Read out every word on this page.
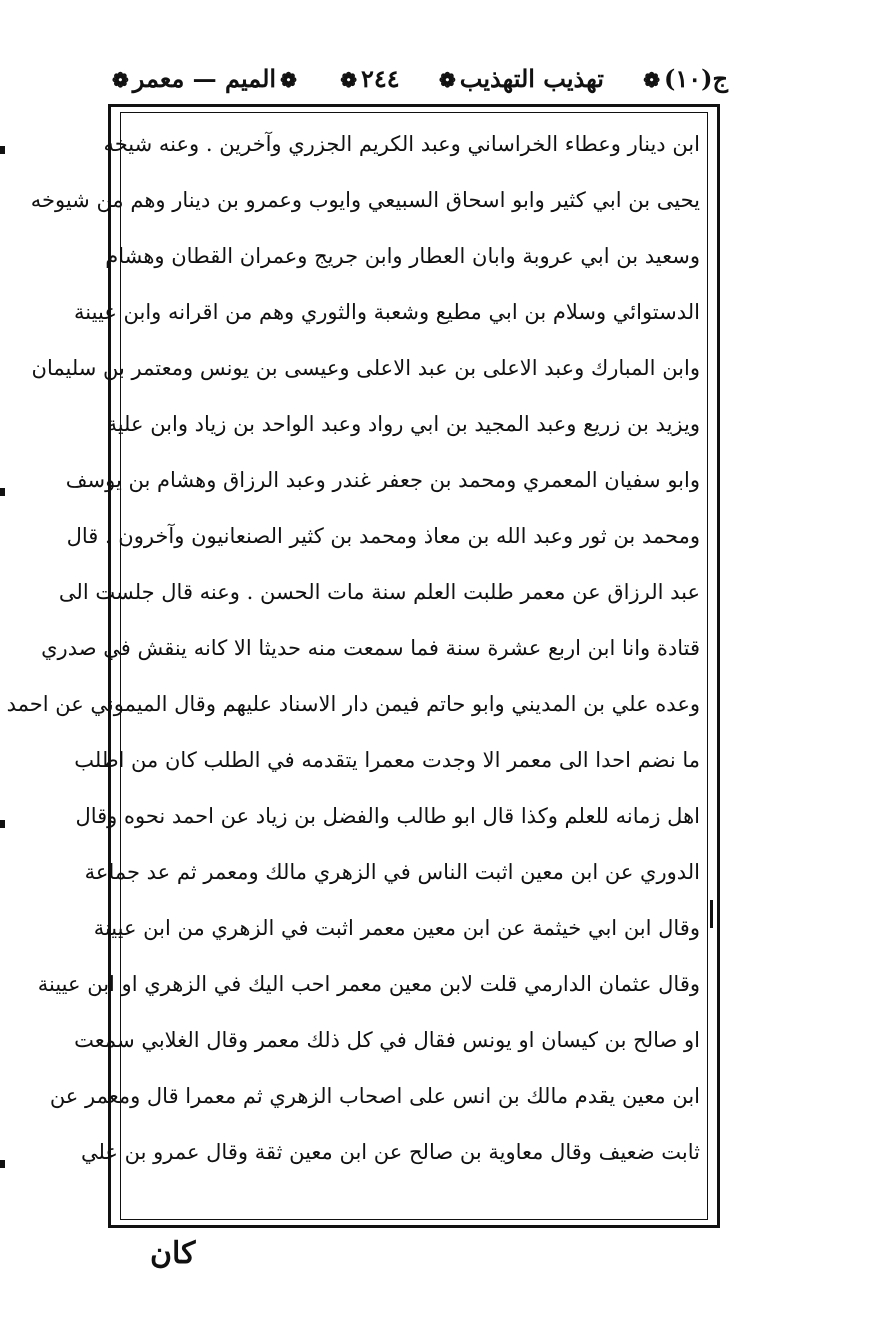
ج(١٠)❁
تهذيب التهذيب❁
٢٤٤❁
❁الميم — معمر❁
ابن دينار وعطاء الخراساني وعبد الكريم الجزري وآخرين . وعنه شيخه
يحيى بن ابي كثير وابو اسحاق السبيعي وايوب وعمرو بن دينار وهم من شيوخه
وسعيد بن ابي عروبة وابان العطار وابن جريج وعمران القطان وهشام
الدستوائي وسلام بن ابي مطيع وشعبة والثوري وهم من اقرانه وابن عيينة
وابن المبارك وعبد الاعلى بن عبد الاعلى وعيسى بن يونس ومعتمر بن سليمان
ويزيد بن زريع وعبد المجيد بن ابي رواد وعبد الواحد بن زياد وابن علية
وابو سفيان المعمري ومحمد بن جعفر غندر وعبد الرزاق وهشام بن يوسف
ومحمد بن ثور وعبد الله بن معاذ ومحمد بن كثير الصنعانيون وآخرون . قال
عبد الرزاق عن معمر طلبت العلم سنة مات الحسن . وعنه قال جلست الى
قتادة وانا ابن اربع عشرة سنة فما سمعت منه حديثا الا كانه ينقش في صدري
وعده علي بن المديني وابو حاتم فيمن دار الاسناد عليهم وقال الميموني عن احمد
ما نضم احدا الى معمر الا وجدت معمرا يتقدمه في الطلب كان من اطلب
اهل زمانه للعلم وكذا قال ابو طالب والفضل بن زياد عن احمد نحوه وقال
الدوري عن ابن معين اثبت الناس في الزهري مالك ومعمر ثم عد جماعة
وقال ابن ابي خيثمة عن ابن معين معمر اثبت في الزهري من ابن عيينة
وقال عثمان الدارمي قلت لابن معين معمر احب اليك في الزهري او ابن عيينة
او صالح بن كيسان او يونس فقال في كل ذلك معمر وقال الغلابي سمعت
ابن معين يقدم مالك بن انس على اصحاب الزهري ثم معمرا قال ومعمر عن
ثابت ضعيف وقال معاوية بن صالح عن ابن معين ثقة وقال عمرو بن علي
كان
